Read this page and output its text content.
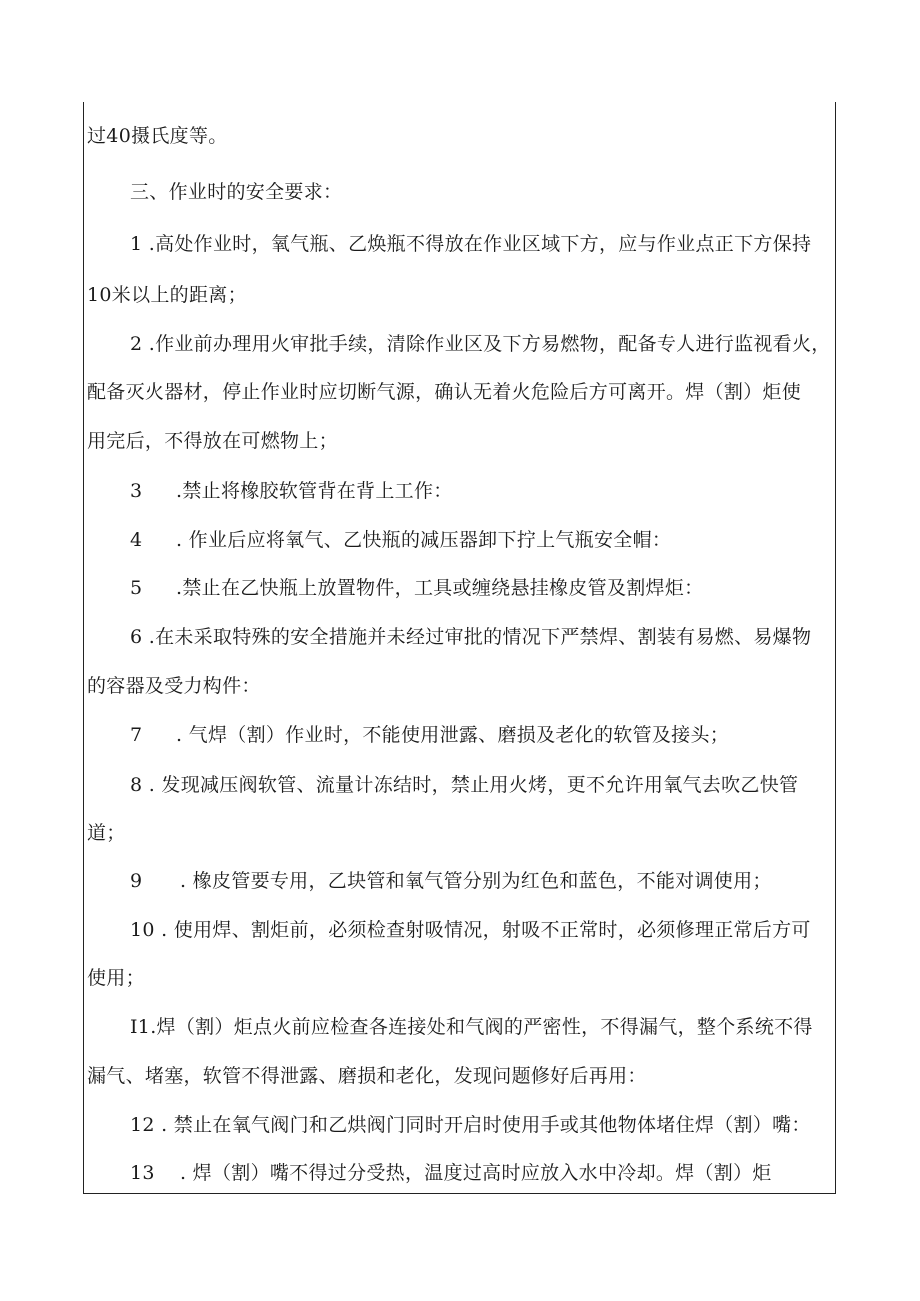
过40摄氏度等。
三、作业时的安全要求：
1 .高处作业时，氧气瓶、乙焕瓶不得放在作业区域下方，应与作业点正下方保持
10米以上的距离；
2 .作业前办理用火审批手续，清除作业区及下方易燃物，配备专人进行监视看火，
配备灭火器材，停止作业时应切断气源，确认无着火危险后方可离开。焊（割）炬使
用完后，不得放在可燃物上；
3 .禁止将橡胶软管背在背上工作：
4 . 作业后应将氧气、乙快瓶的减压器卸下拧上气瓶安全帽：
5 .禁止在乙快瓶上放置物件，工具或缠绕悬挂橡皮管及割焊炬：
6 .在未采取特殊的安全措施并未经过审批的情况下严禁焊、割装有易燃、易爆物
的容器及受力构件：
7 . 气焊（割）作业时，不能使用泄露、磨损及老化的软管及接头；
8 . 发现减压阀软管、流量计冻结时，禁止用火烤，更不允许用氧气去吹乙快管
道；
9 . 橡皮管要专用，乙块管和氧气管分别为红色和蓝色，不能对调使用；
10 . 使用焊、割炬前，必须检查射吸情况，射吸不正常时，必须修理正常后方可
使用；
I1.焊（割）炬点火前应检查各连接处和气阀的严密性，不得漏气，整个系统不得
漏气、堵塞，软管不得泄露、磨损和老化，发现问题修好后再用：
12 . 禁止在氧气阀门和乙烘阀门同时开启时使用手或其他物体堵住焊（割）嘴：
13 . 焊（割）嘴不得过分受热，温度过高时应放入水中冷却。焊（割）炬
